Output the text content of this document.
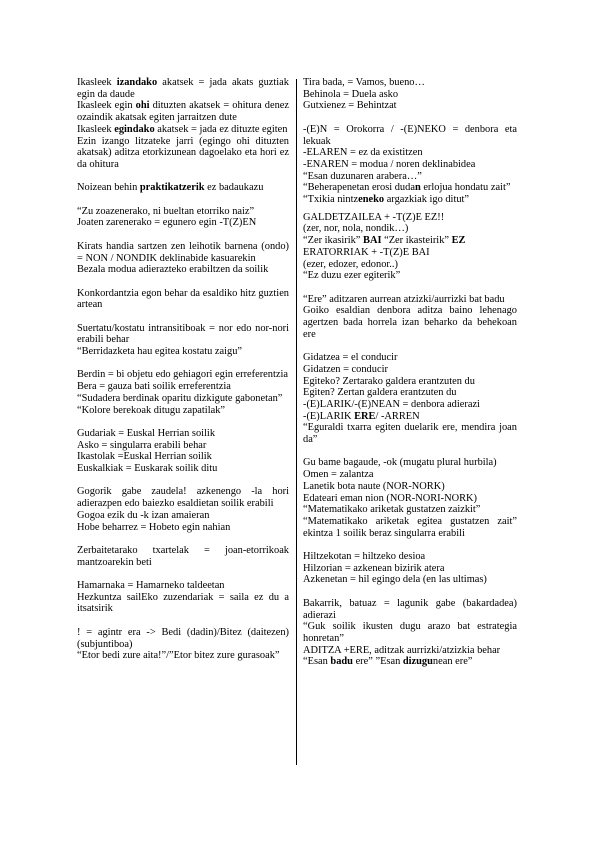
Ikasleek izandako akatsek = jada akats guztiak egin da daude

Ikasleek egin ohi dituzten akatsek = ohitura denez ozaindik akatsak egiten jarraitzen dute

Ikasleek egindako akatsek = jada ez dituzte egiten

Ezin izango litzateke jarri (egingo ohi dituzten akatsak) aditza etorkizunean dagoelako eta hori ez da ohitura

Noizean behin praktikatzerik ez badaukazu

“Zu zoazenerako, ni bueltan etorriko naiz”

Joaten zarenerako = egunero egin -T(Z)EN

Kirats handia sartzen zen leihotik barnena (ondo) = NON / NONDIK deklinabide kasuarekin

Bezala modua adierazteko erabiltzen da soilik

Konkordantzia egon behar da esaldiko hitz guztien artean

Suertatu/kostatu intransitiboak = nor edo nor-nori erabili behar

“Berridazketa hau egitea kostatu zaigu”

Berdin = bi objetu edo gehiagori egin erreferentzia

Bera = gauza bati soilik erreferentzia

“Sudadera berdinak oparitu dizkigute gabonetan”

“Kolore berekoak ditugu zapatilak”

Gudariak = Euskal Herrian soilik

Asko = singularra erabili behar

Ikastolak =Euskal Herrian soilik

Euskalkiak = Euskarak soilik ditu

Gogorik gabe zaudela! azkenengo -la hori adierazpen edo baiezko esaldietan soilik erabili

Gogoa ezik du -k izan amaieran

Hobe beharrez = Hobeto egin nahian

Zerbaitetarako txartelak = joan-etorrikoak mantzoarekin beti

Hamarnaka = Hamarneko taldeetan

Hezkuntza sailEko zuzendariak = saila ez du a itsatsirik

! = agintr era -> Bedi (dadin)/Bitez (daitezen) (subjuntiboa)

“Etor bedi zure aita!”/”Etor bitez zure gurasoak”

Tira bada, = Vamos, bueno…

Behinola = Duela asko

Gutxienez = Behintzat

-(E)N = Orokorra / -(E)NEKO = denbora eta lekuak

-ELAREN = ez da existitzen

-ENAREN = modua / noren deklinabidea

“Esan duzunaren arabera…”

“Beherapenetan erosi dudan erlojua hondatu zait”

“Txikia nintzeneko argazkiak igo ditut”

GALDETZAILEA + -T(Z)E EZ!!

(zer, nor, nola, nondik…)

“Zer ikasirik” BAI “Zer ikasteirik” EZ

ERATORRIAK + -T(Z)E BAI

(ezer, edozer, edonor..)

“Ez duzu ezer egiterik”

“Ere” aditzaren aurrean atzizki/aurrizki bat badu

Goiko esaldian denbora aditza baino lehenago agertzen bada horrela izan beharko da behekoan ere

Gidatzea = el conducir

Gidatzen = conducir

Egiteko? Zertarako galdera erantzuten du

Egiten? Zertan galdera erantzuten du

-(E)LARIK/-(E)NEAN = denbora adierazi

-(E)LARIK ERE/ -ARREN

“Eguraldi txarra egiten duelarik ere, mendira joan da”

Gu bame bagaude, -ok (mugatu plural hurbila)

Omen = zalantza

Lanetik bota naute (NOR-NORK)

Edateari eman nion (NOR-NORI-NORK)

“Matematikako ariketak gustatzen zaizkit”

“Matematikako ariketak egitea gustatzen zait” ekintza 1 soilik beraz singularra erabili

Hiltzekotan = hiltzeko desioa

Hilzorian = azkenean bizirik atera

Azkenetan = hil egingo dela (en las ultimas)

Bakarrik, batuaz = lagunik gabe (bakardadea) adierazi

“Guk soilik ikusten dugu arazo bat estrategia honretan”

ADITZA +ERE, aditzak aurrizki/atzizkia behar

“Esan badu ere” ”Esan dizugunean ere”
